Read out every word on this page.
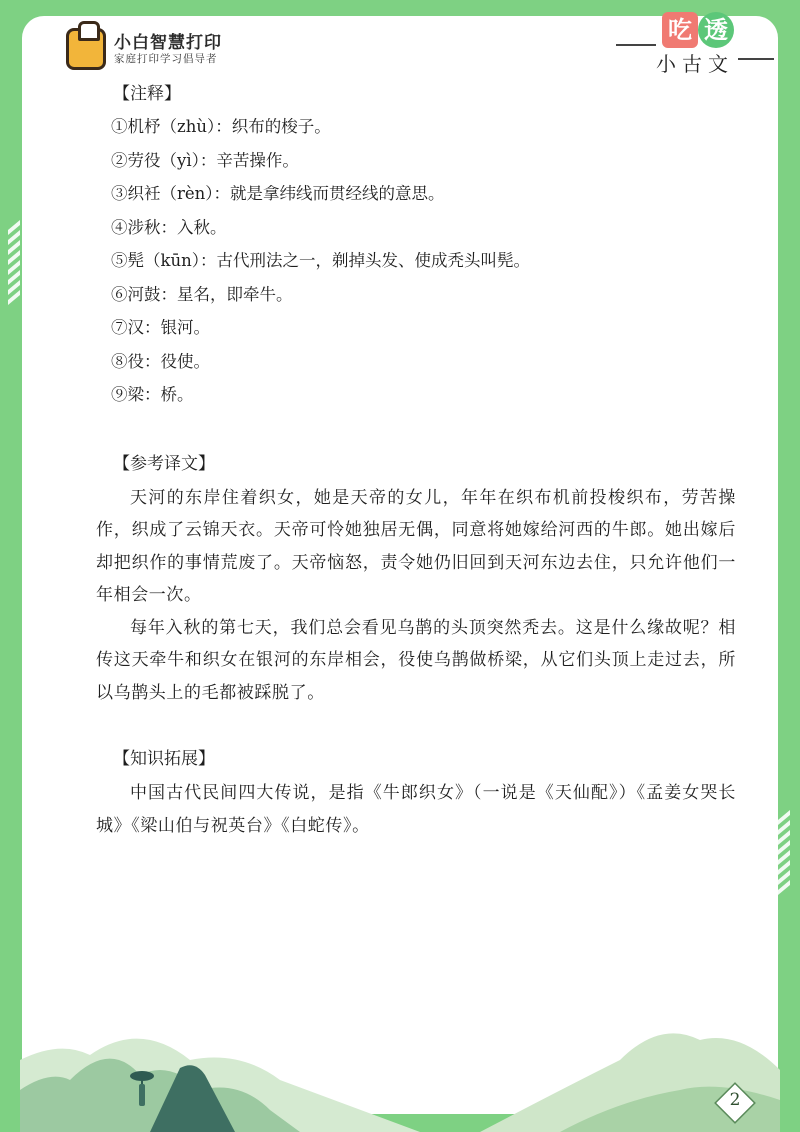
小白智慧打印
家庭打印学习倡导者
吃 透
小古文

【注释】

①机杼（zhù）：织布的梭子。

②劳役（yì）：辛苦操作。

③织衽（rèn）：就是拿纬线而贯经线的意思。

④涉秋：入秋。

⑤髡（kūn）：古代刑法之一，剃掉头发、使成秃头叫髡。

⑥河鼓：星名，即牵牛。

⑦汉：银河。

⑧役：役使。

⑨梁：桥。

【参考译文】

天河的东岸住着织女，她是天帝的女儿，年年在织布机前投梭织布，劳苦操作，织成了云锦天衣。天帝可怜她独居无偶，同意将她嫁给河西的牛郎。她出嫁后却把织作的事情荒废了。天帝恼怒，责令她仍旧回到天河东边去住，只允许他们一年相会一次。

每年入秋的第七天，我们总会看见乌鹊的头顶突然秃去。这是什么缘故呢？相传这天牵牛和织女在银河的东岸相会，役使乌鹊做桥梁，从它们头顶上走过去，所以乌鹊头上的毛都被踩脱了。

【知识拓展】

中国古代民间四大传说，是指《牛郎织女》（一说是《天仙配》）《孟姜女哭长城》《梁山伯与祝英台》《白蛇传》。

2
